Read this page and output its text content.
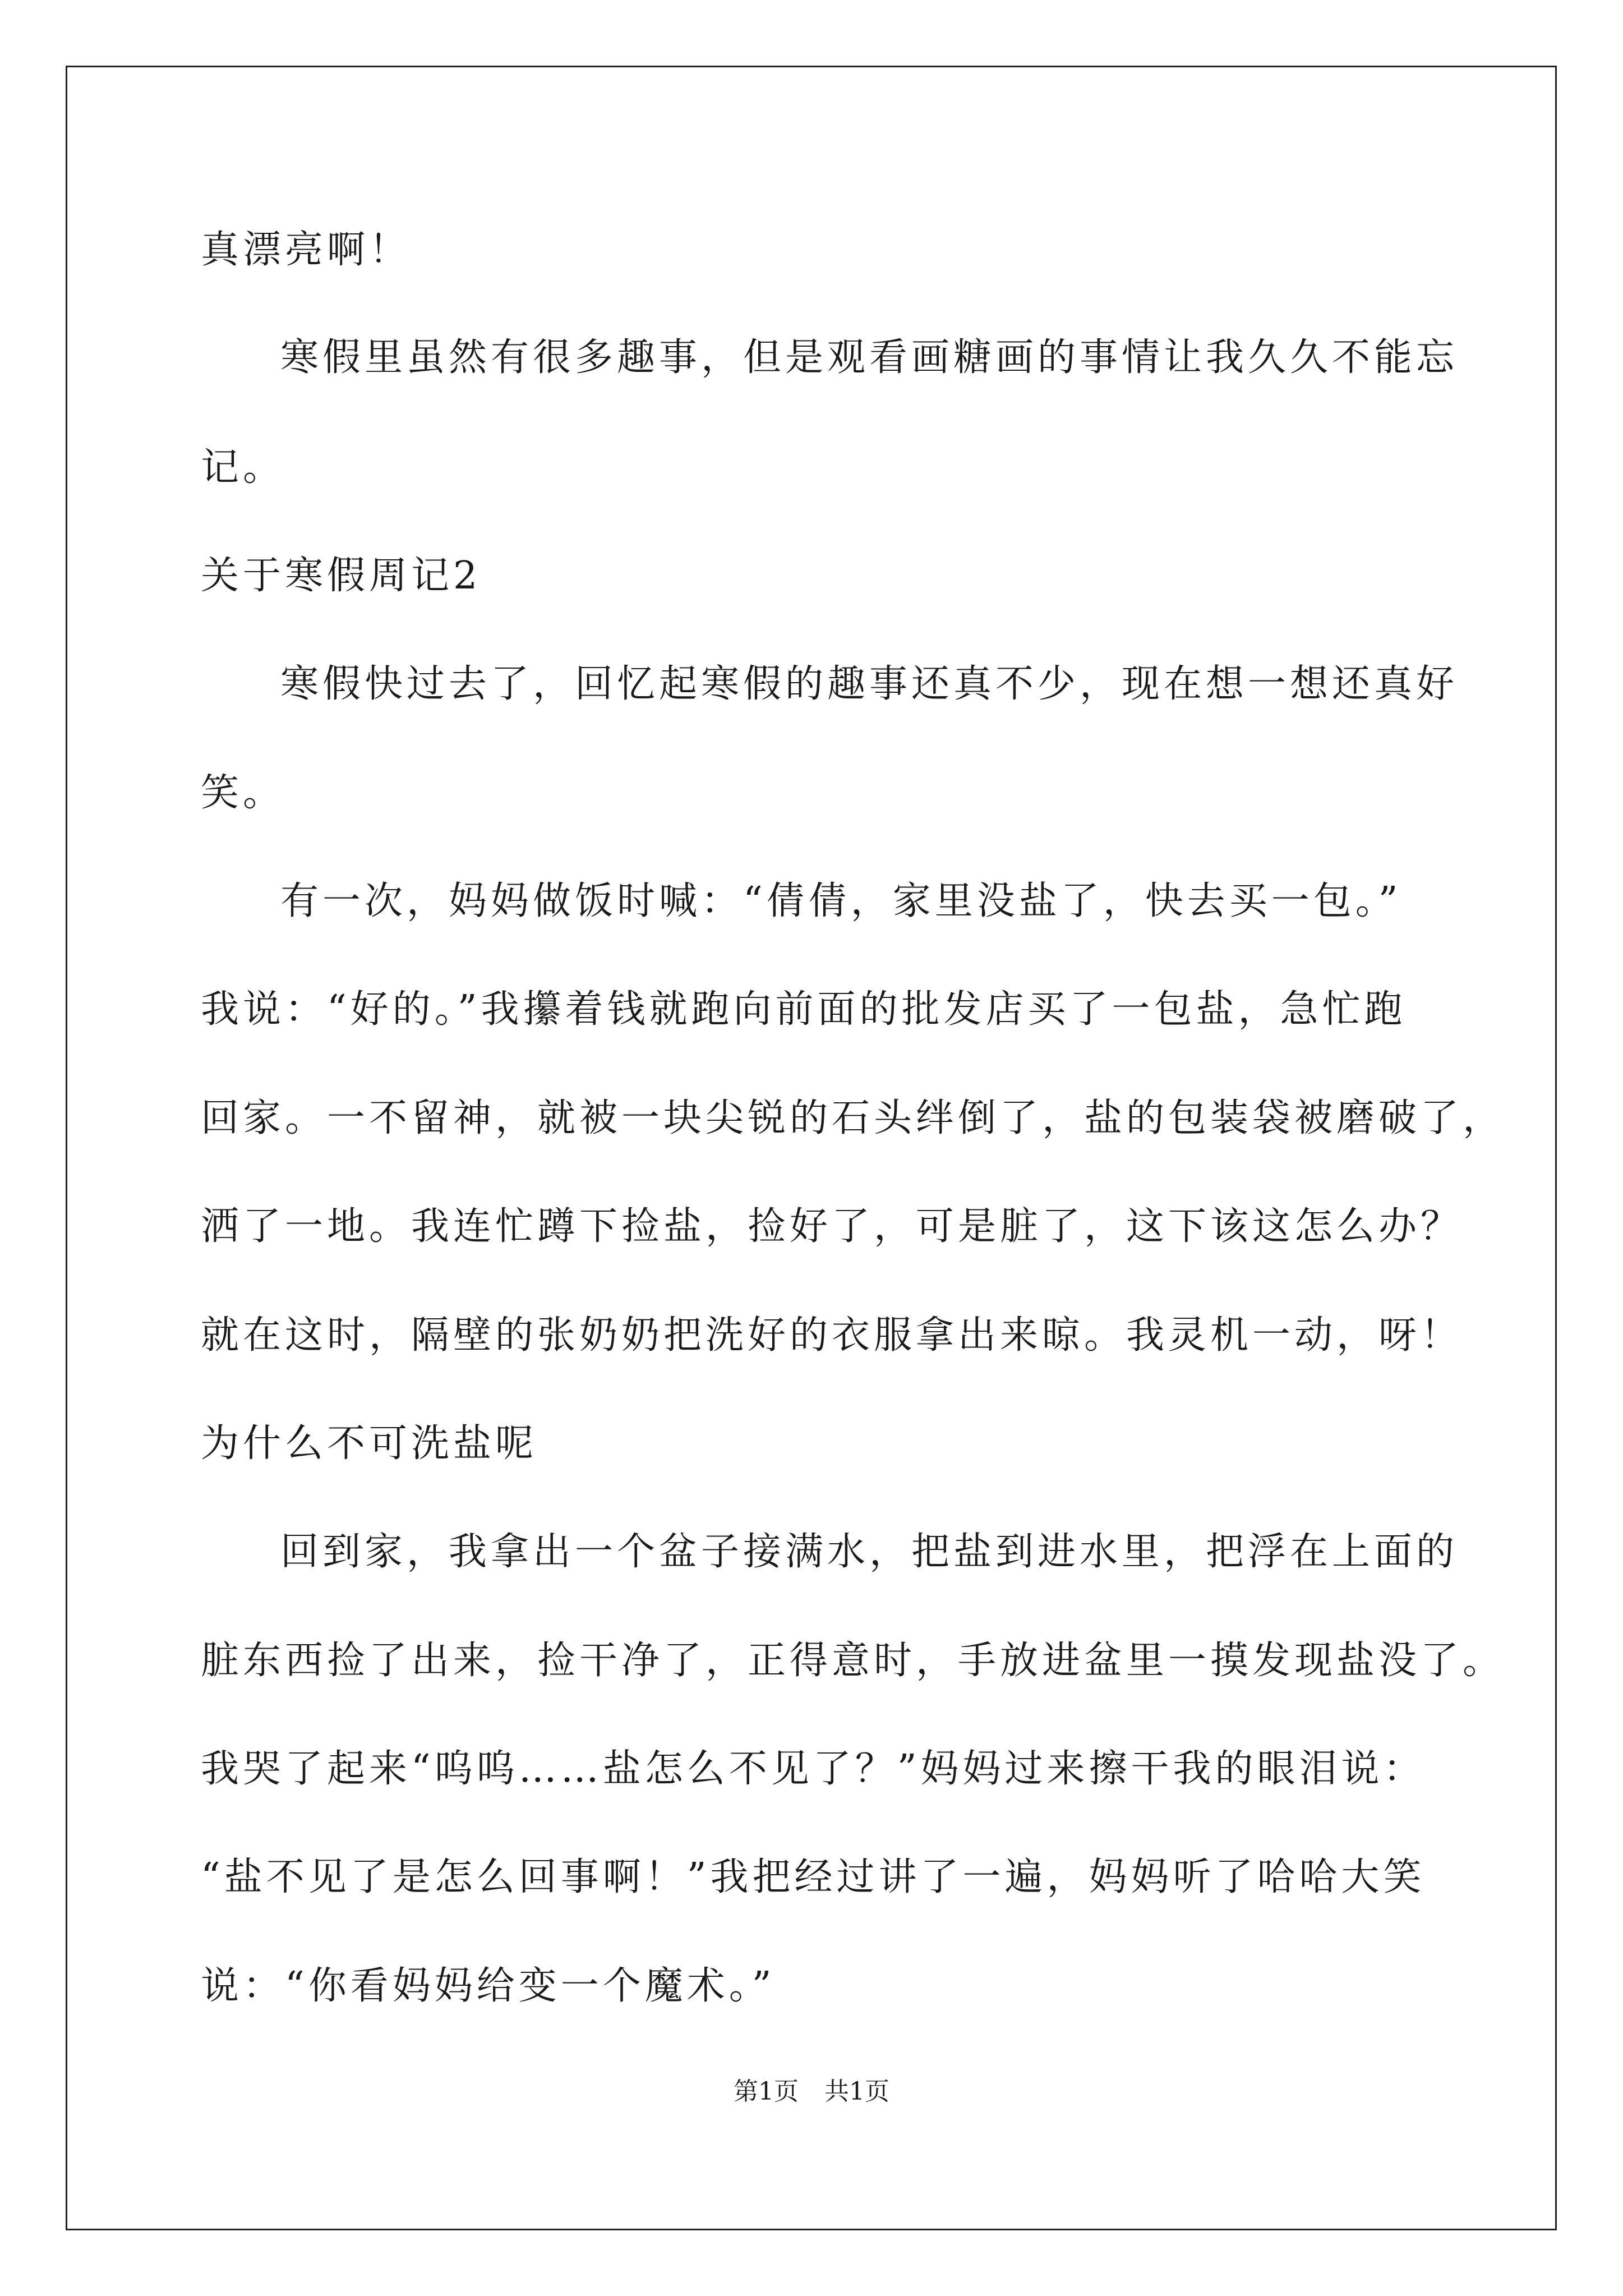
真漂亮啊！
寒假里虽然有很多趣事，但是观看画糖画的事情让我久久不能忘
记。
关于寒假周记2
寒假快过去了，回忆起寒假的趣事还真不少，现在想一想还真好
笑。
有一次，妈妈做饭时喊：“倩倩，家里没盐了，快去买一包。”
我说：“好的。”我攥着钱就跑向前面的批发店买了一包盐，急忙跑
回家。一不留神，就被一块尖锐的石头绊倒了，盐的包装袋被磨破了，
洒了一地。我连忙蹲下捡盐，捡好了，可是脏了，这下该这怎么办？
就在这时，隔壁的张奶奶把洗好的衣服拿出来晾。我灵机一动，呀！
为什么不可洗盐呢
回到家，我拿出一个盆子接满水，把盐到进水里，把浮在上面的
脏东西捡了出来，捡干净了，正得意时，手放进盆里一摸发现盐没了。
我哭了起来“呜呜……盐怎么不见了？”妈妈过来擦干我的眼泪说：
“盐不见了是怎么回事啊！”我把经过讲了一遍，妈妈听了哈哈大笑
说：“你看妈妈给变一个魔术。”
第1页 共1页
